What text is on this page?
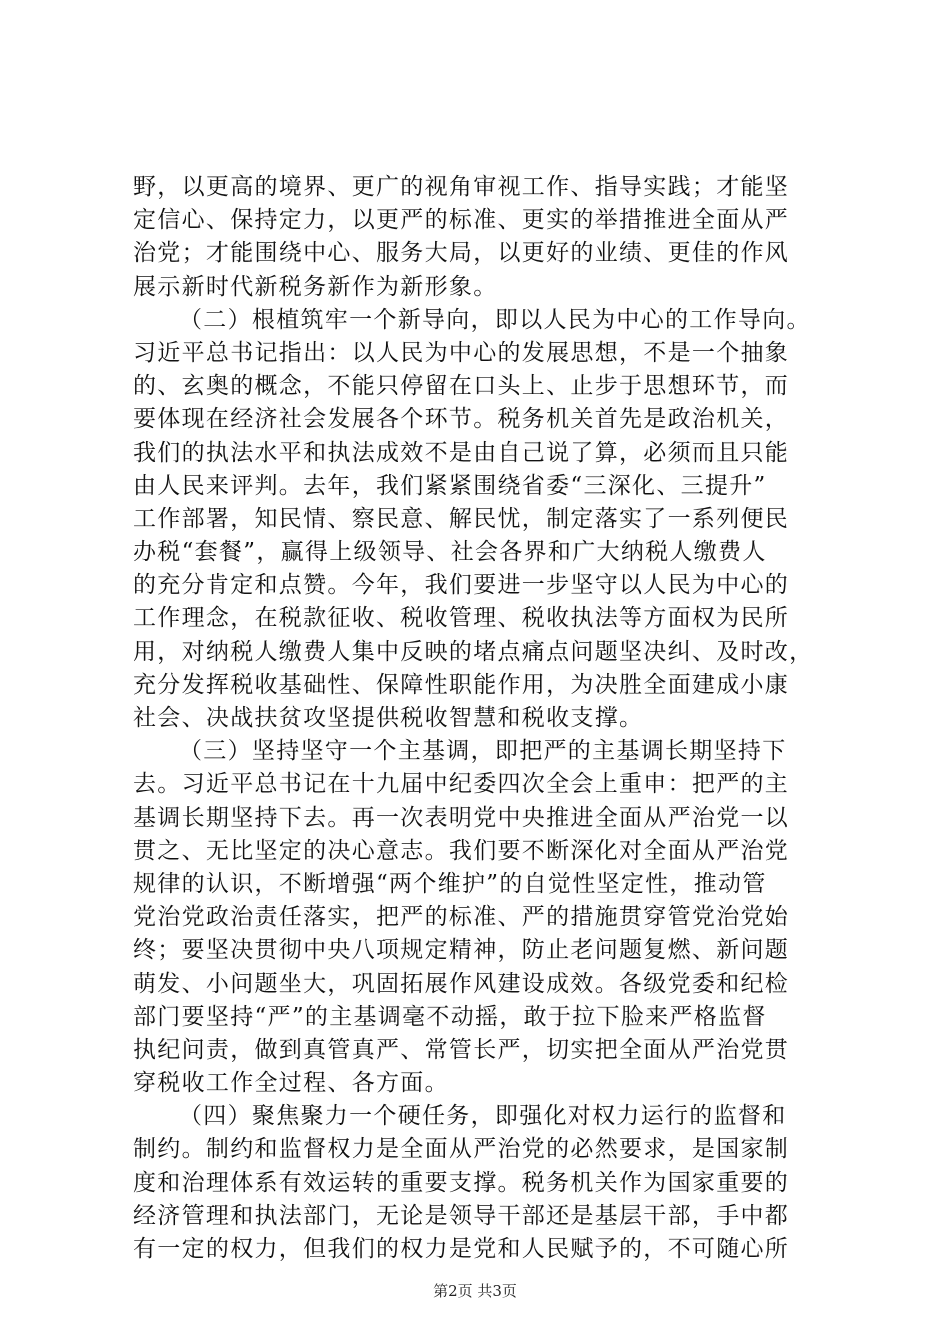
野，以更高的境界、更广的视角审视工作、指导实践；才能坚
定信心、保持定力，以更严的标准、更实的举措推进全面从严
治党；才能围绕中心、服务大局，以更好的业绩、更佳的作风
展示新时代新税务新作为新形象。
（二）根植筑牢一个新导向，即以人民为中心的工作导向。
习近平总书记指出：以人民为中心的发展思想，不是一个抽象
的、玄奥的概念，不能只停留在口头上、止步于思想环节，而
要体现在经济社会发展各个环节。税务机关首先是政治机关，
我们的执法水平和执法成效不是由自己说了算，必须而且只能
由人民来评判。去年，我们紧紧围绕省委“三深化、三提升”
工作部署，知民情、察民意、解民忧，制定落实了一系列便民
办税“套餐”，赢得上级领导、社会各界和广大纳税人缴费人
的充分肯定和点赞。今年，我们要进一步坚守以人民为中心的
工作理念，在税款征收、税收管理、税收执法等方面权为民所
用，对纳税人缴费人集中反映的堵点痛点问题坚决纠、及时改，
充分发挥税收基础性、保障性职能作用，为决胜全面建成小康
社会、决战扶贫攻坚提供税收智慧和税收支撑。
（三）坚持坚守一个主基调，即把严的主基调长期坚持下
去。习近平总书记在十九届中纪委四次全会上重申：把严的主
基调长期坚持下去。再一次表明党中央推进全面从严治党一以
贯之、无比坚定的决心意志。我们要不断深化对全面从严治党
规律的认识，不断增强“两个维护”的自觉性坚定性，推动管
党治党政治责任落实，把严的标准、严的措施贯穿管党治党始
终；要坚决贯彻中央八项规定精神，防止老问题复燃、新问题
萌发、小问题坐大，巩固拓展作风建设成效。各级党委和纪检
部门要坚持“严”的主基调毫不动摇，敢于拉下脸来严格监督
执纪问责，做到真管真严、常管长严，切实把全面从严治党贯
穿税收工作全过程、各方面。
（四）聚焦聚力一个硬任务，即强化对权力运行的监督和
制约。制约和监督权力是全面从严治党的必然要求，是国家制
度和治理体系有效运转的重要支撑。税务机关作为国家重要的
经济管理和执法部门，无论是领导干部还是基层干部，手中都
有一定的权力，但我们的权力是党和人民赋予的，不可随心所
第2页 共3页
